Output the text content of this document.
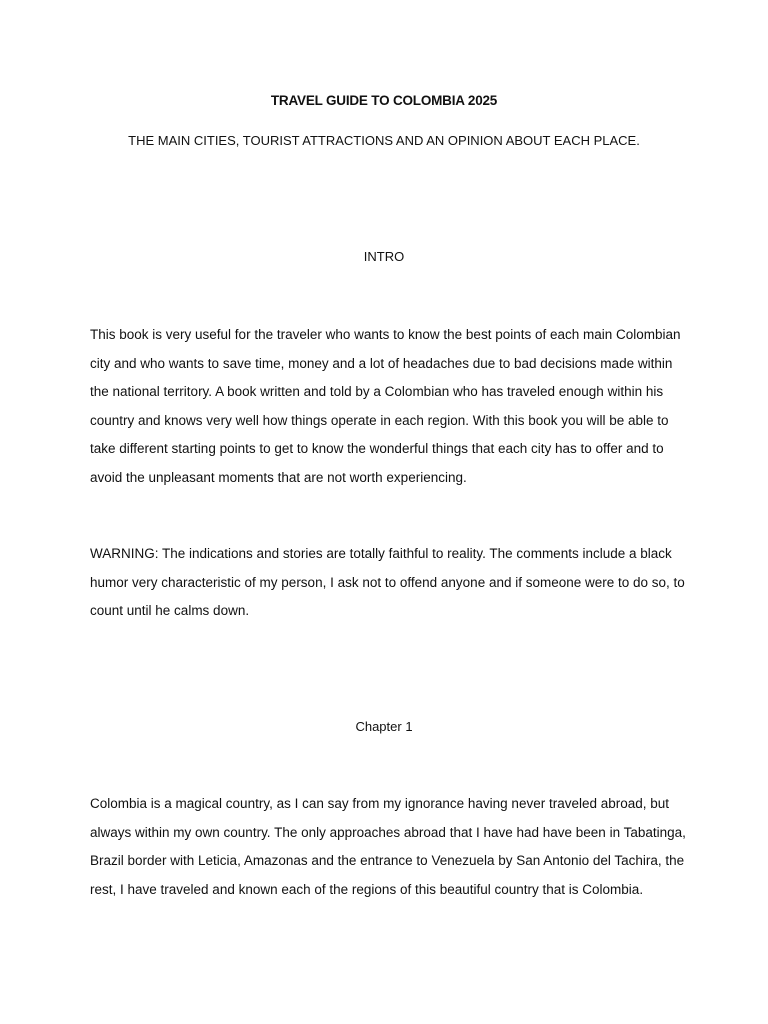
TRAVEL GUIDE TO COLOMBIA 2025
THE MAIN CITIES, TOURIST ATTRACTIONS AND AN OPINION ABOUT EACH PLACE.
INTRO

This book is very useful for the traveler who wants to know the best points of each main Colombian city and who wants to save time, money and a lot of headaches due to bad decisions made within the national territory. A book written and told by a Colombian who has traveled enough within his country and knows very well how things operate in each region. With this book you will be able to take different starting points to get to know the wonderful things that each city has to offer and to avoid the unpleasant moments that are not worth experiencing.

WARNING: The indications and stories are totally faithful to reality. The comments include a black humor very characteristic of my person, I ask not to offend anyone and if someone were to do so, to count until he calms down.

Chapter 1

Colombia is a magical country, as I can say from my ignorance having never traveled abroad, but always within my own country. The only approaches abroad that I have had have been in Tabatinga, Brazil border with Leticia, Amazonas and the entrance to Venezuela by San Antonio del Tachira, the rest, I have traveled and known each of the regions of this beautiful country that is Colombia.
